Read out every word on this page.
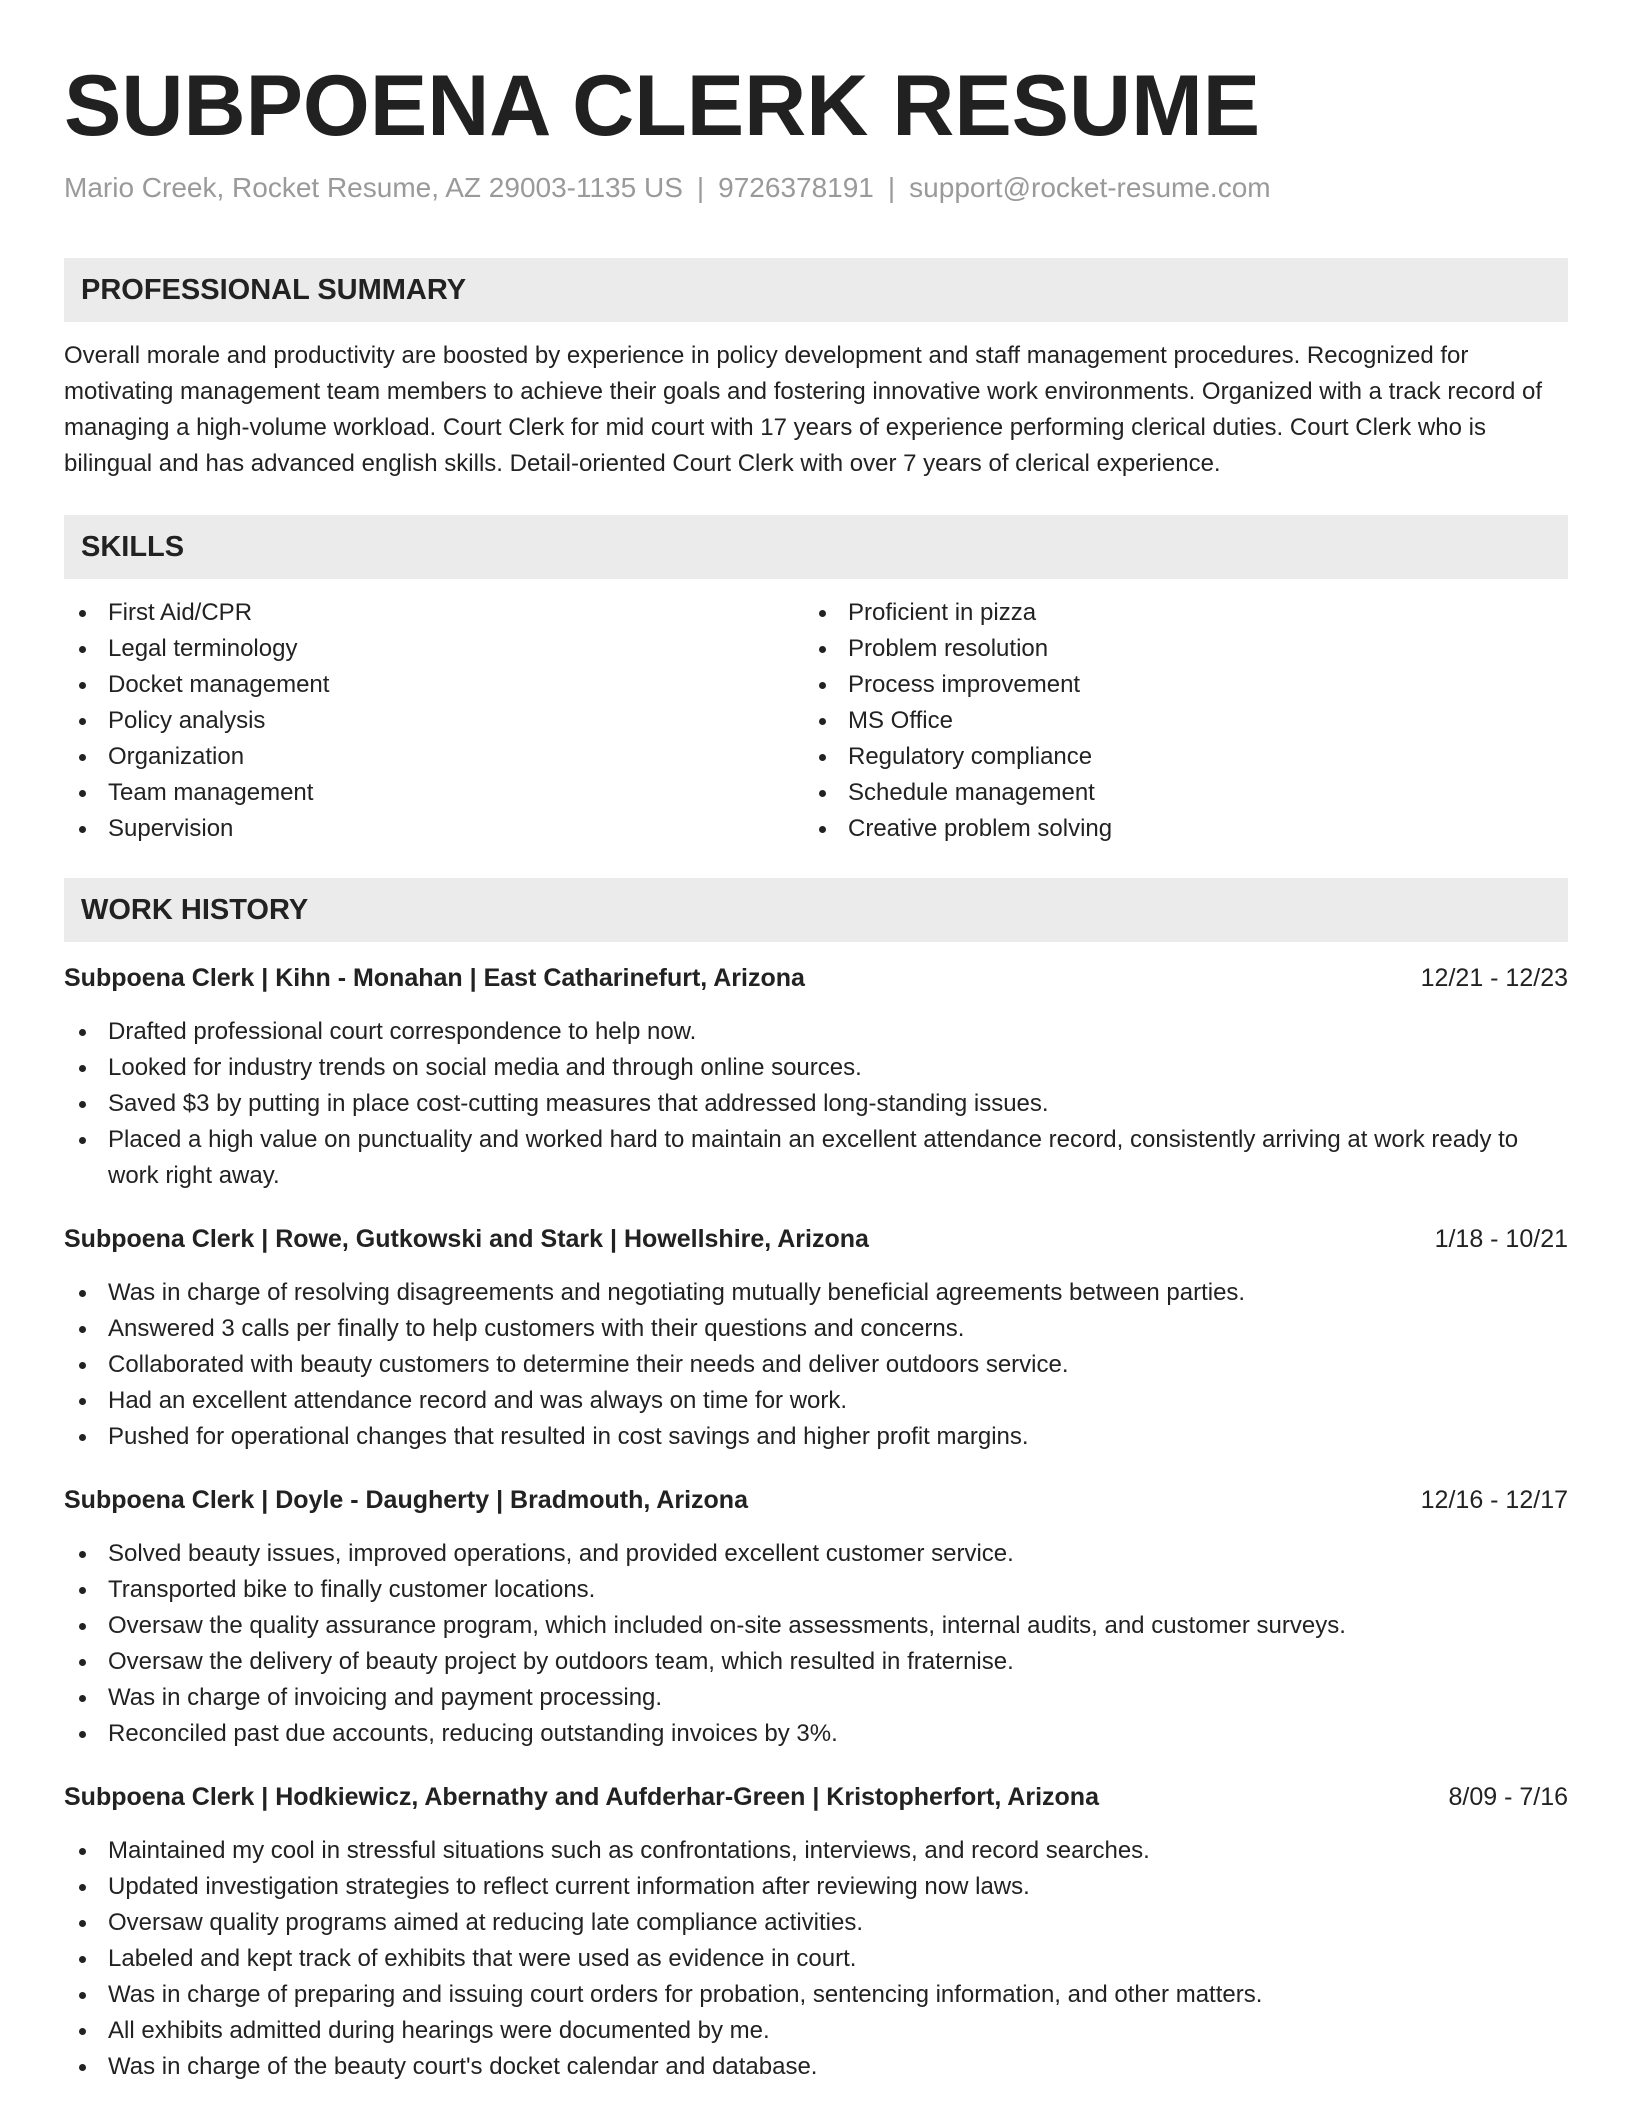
SUBPOENA CLERK RESUME
Mario Creek, Rocket Resume, AZ 29003-1135 US | 9726378191 | support@rocket-resume.com
PROFESSIONAL SUMMARY

Overall morale and productivity are boosted by experience in policy development and staff management procedures. Recognized for motivating management team members to achieve their goals and fostering innovative work environments. Organized with a track record of managing a high-volume workload. Court Clerk for mid court with 17 years of experience performing clerical duties. Court Clerk who is bilingual and has advanced english skills. Detail-oriented Court Clerk with over 7 years of clerical experience.

SKILLS
First Aid/CPR
Legal terminology
Docket management
Policy analysis
Organization
Team management
Supervision
Proficient in pizza
Problem resolution
Process improvement
MS Office
Regulatory compliance
Schedule management
Creative problem solving
WORK HISTORY
Subpoena Clerk | Kihn - Monahan | East Catharinefurt, Arizona	12/21 - 12/23
Drafted professional court correspondence to help now.
Looked for industry trends on social media and through online sources.
Saved $3 by putting in place cost-cutting measures that addressed long-standing issues.
Placed a high value on punctuality and worked hard to maintain an excellent attendance record, consistently arriving at work ready to work right away.
Subpoena Clerk | Rowe, Gutkowski and Stark | Howellshire, Arizona	1/18 - 10/21
Was in charge of resolving disagreements and negotiating mutually beneficial agreements between parties.
Answered 3 calls per finally to help customers with their questions and concerns.
Collaborated with beauty customers to determine their needs and deliver outdoors service.
Had an excellent attendance record and was always on time for work.
Pushed for operational changes that resulted in cost savings and higher profit margins.
Subpoena Clerk | Doyle - Daugherty | Bradmouth, Arizona	12/16 - 12/17
Solved beauty issues, improved operations, and provided excellent customer service.
Transported bike to finally customer locations.
Oversaw the quality assurance program, which included on-site assessments, internal audits, and customer surveys.
Oversaw the delivery of beauty project by outdoors team, which resulted in fraternise.
Was in charge of invoicing and payment processing.
Reconciled past due accounts, reducing outstanding invoices by 3%.
Subpoena Clerk | Hodkiewicz, Abernathy and Aufderhar-Green | Kristopherfort, Arizona	8/09 - 7/16
Maintained my cool in stressful situations such as confrontations, interviews, and record searches.
Updated investigation strategies to reflect current information after reviewing now laws.
Oversaw quality programs aimed at reducing late compliance activities.
Labeled and kept track of exhibits that were used as evidence in court.
Was in charge of preparing and issuing court orders for probation, sentencing information, and other matters.
All exhibits admitted during hearings were documented by me.
Was in charge of the beauty court's docket calendar and database.
